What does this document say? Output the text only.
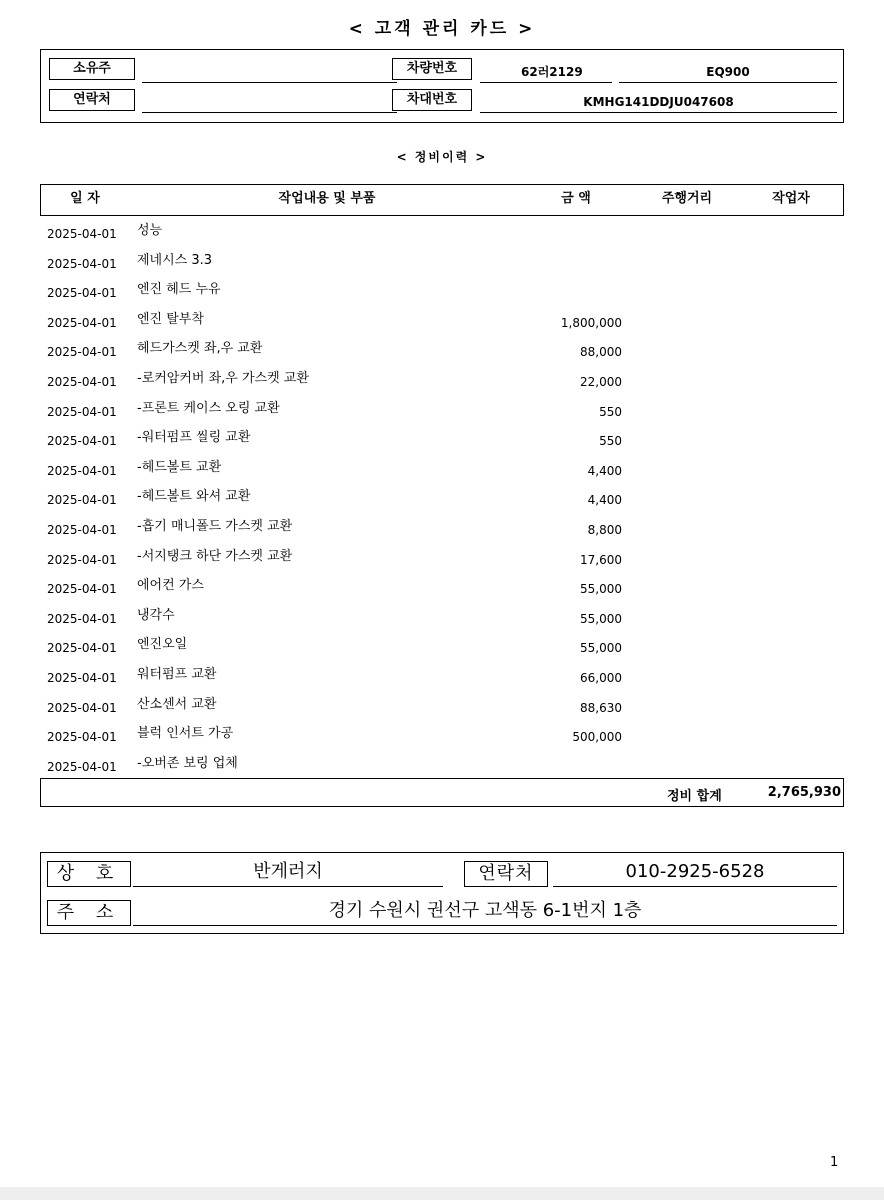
< 고객 관리 카드 >
소유주
연락처
차량번호	62러2129	EQ900
차대번호	KMHG141DDJU047608
< 정비이력 >
일 자	작업내용 및 부품	금 액	주행거리	작업자
2025-04-01 성능
2025-04-01 제네시스 3.3
2025-04-01 엔진 헤드 누유
2025-04-01 엔진 탈부착	1,800,000
2025-04-01 헤드가스켓 좌,우 교환	88,000
2025-04-01 -로커암커버 좌,우 가스켓 교환	22,000
2025-04-01 -프론트 케이스 오링 교환	550
2025-04-01 -워터펌프 씰링 교환	550
2025-04-01 -헤드볼트 교환	4,400
2025-04-01 -헤드볼트 와셔 교환	4,400
2025-04-01 -흡기 매니폴드 가스켓 교환	8,800
2025-04-01 -서지탱크 하단 가스켓 교환	17,600
2025-04-01 에어컨 가스	55,000
2025-04-01 냉각수	55,000
2025-04-01 엔진오일	55,000
2025-04-01 워터펌프 교환	66,000
2025-04-01 산소센서 교환	88,630
2025-04-01 블럭 인서트 가공	500,000
2025-04-01 -오버존 보링 업체
정비 합계	2,765,930
상 호	반게러지	연락처	010-2925-6528
주 소	경기 수원시 권선구 고색동 6-1번지 1층
1
